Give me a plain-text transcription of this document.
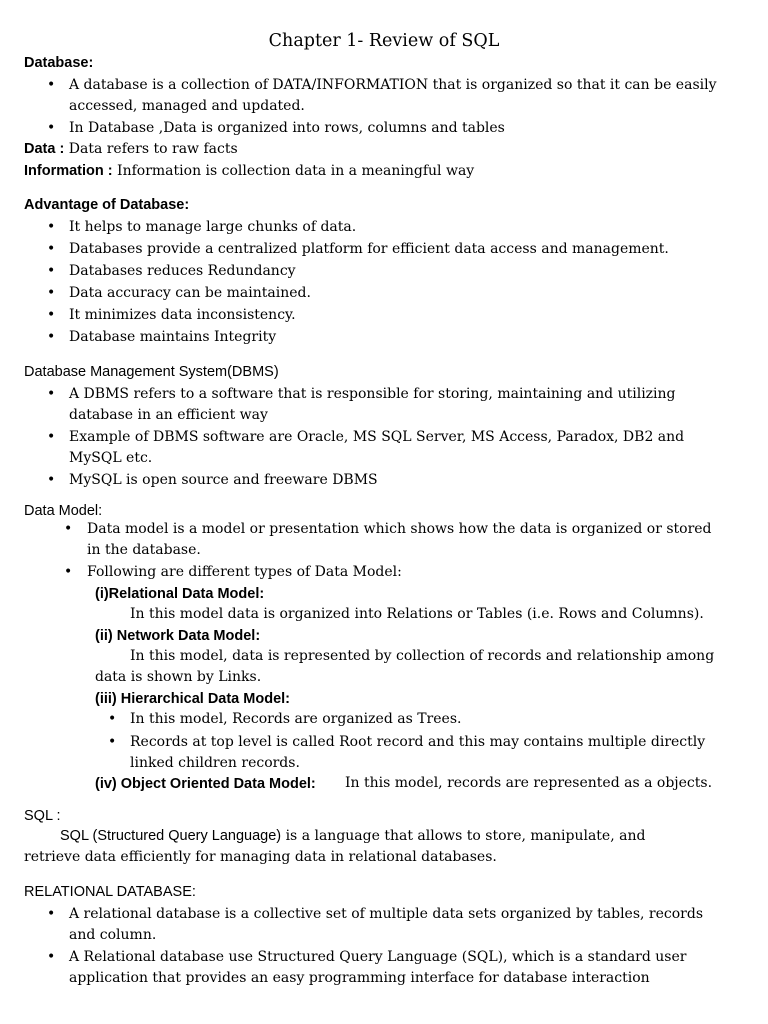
Chapter 1- Review of SQL
Database:
• A database is a collection of DATA/INFORMATION that is organized so that it can be easily
accessed, managed and updated.
• In Database ,Data is organized into rows, columns and tables
Data : Data refers to raw facts
Information : Information is collection data in a meaningful way
Advantage of Database:
• It helps to manage large chunks of data.
• Databases provide a centralized platform for efficient data access and management.
• Databases reduces Redundancy
• Data accuracy can be maintained.
• It minimizes data inconsistency.
• Database maintains Integrity
Database Management System(DBMS)
• A DBMS refers to a software that is responsible for storing, maintaining and utilizing
database in an efficient way
• Example of DBMS software are Oracle, MS SQL Server, MS Access, Paradox, DB2 and
MySQL etc.
• MySQL is open source and freeware DBMS
Data Model:
• Data model is a model or presentation which shows how the data is organized or stored
in the database.
• Following are different types of Data Model:
(i)Relational Data Model:
In this model data is organized into Relations or Tables (i.e. Rows and Columns).
(ii) Network Data Model:
In this model, data is represented by collection of records and relationship among
data is shown by Links.
(iii) Hierarchical Data Model:
• In this model, Records are organized as Trees.
• Records at top level is called Root record and this may contains multiple directly
linked children records.
(iv) Object Oriented Data Model: In this model, records are represented as a objects.
SQL :
SQL (Structured Query Language) is a language that allows to store, manipulate, and
retrieve data efficiently for managing data in relational databases.
RELATIONAL DATABASE:
• A relational database is a collective set of multiple data sets organized by tables, records
and column.
• A Relational database use Structured Query Language (SQL), which is a standard user
application that provides an easy programming interface for database interaction
